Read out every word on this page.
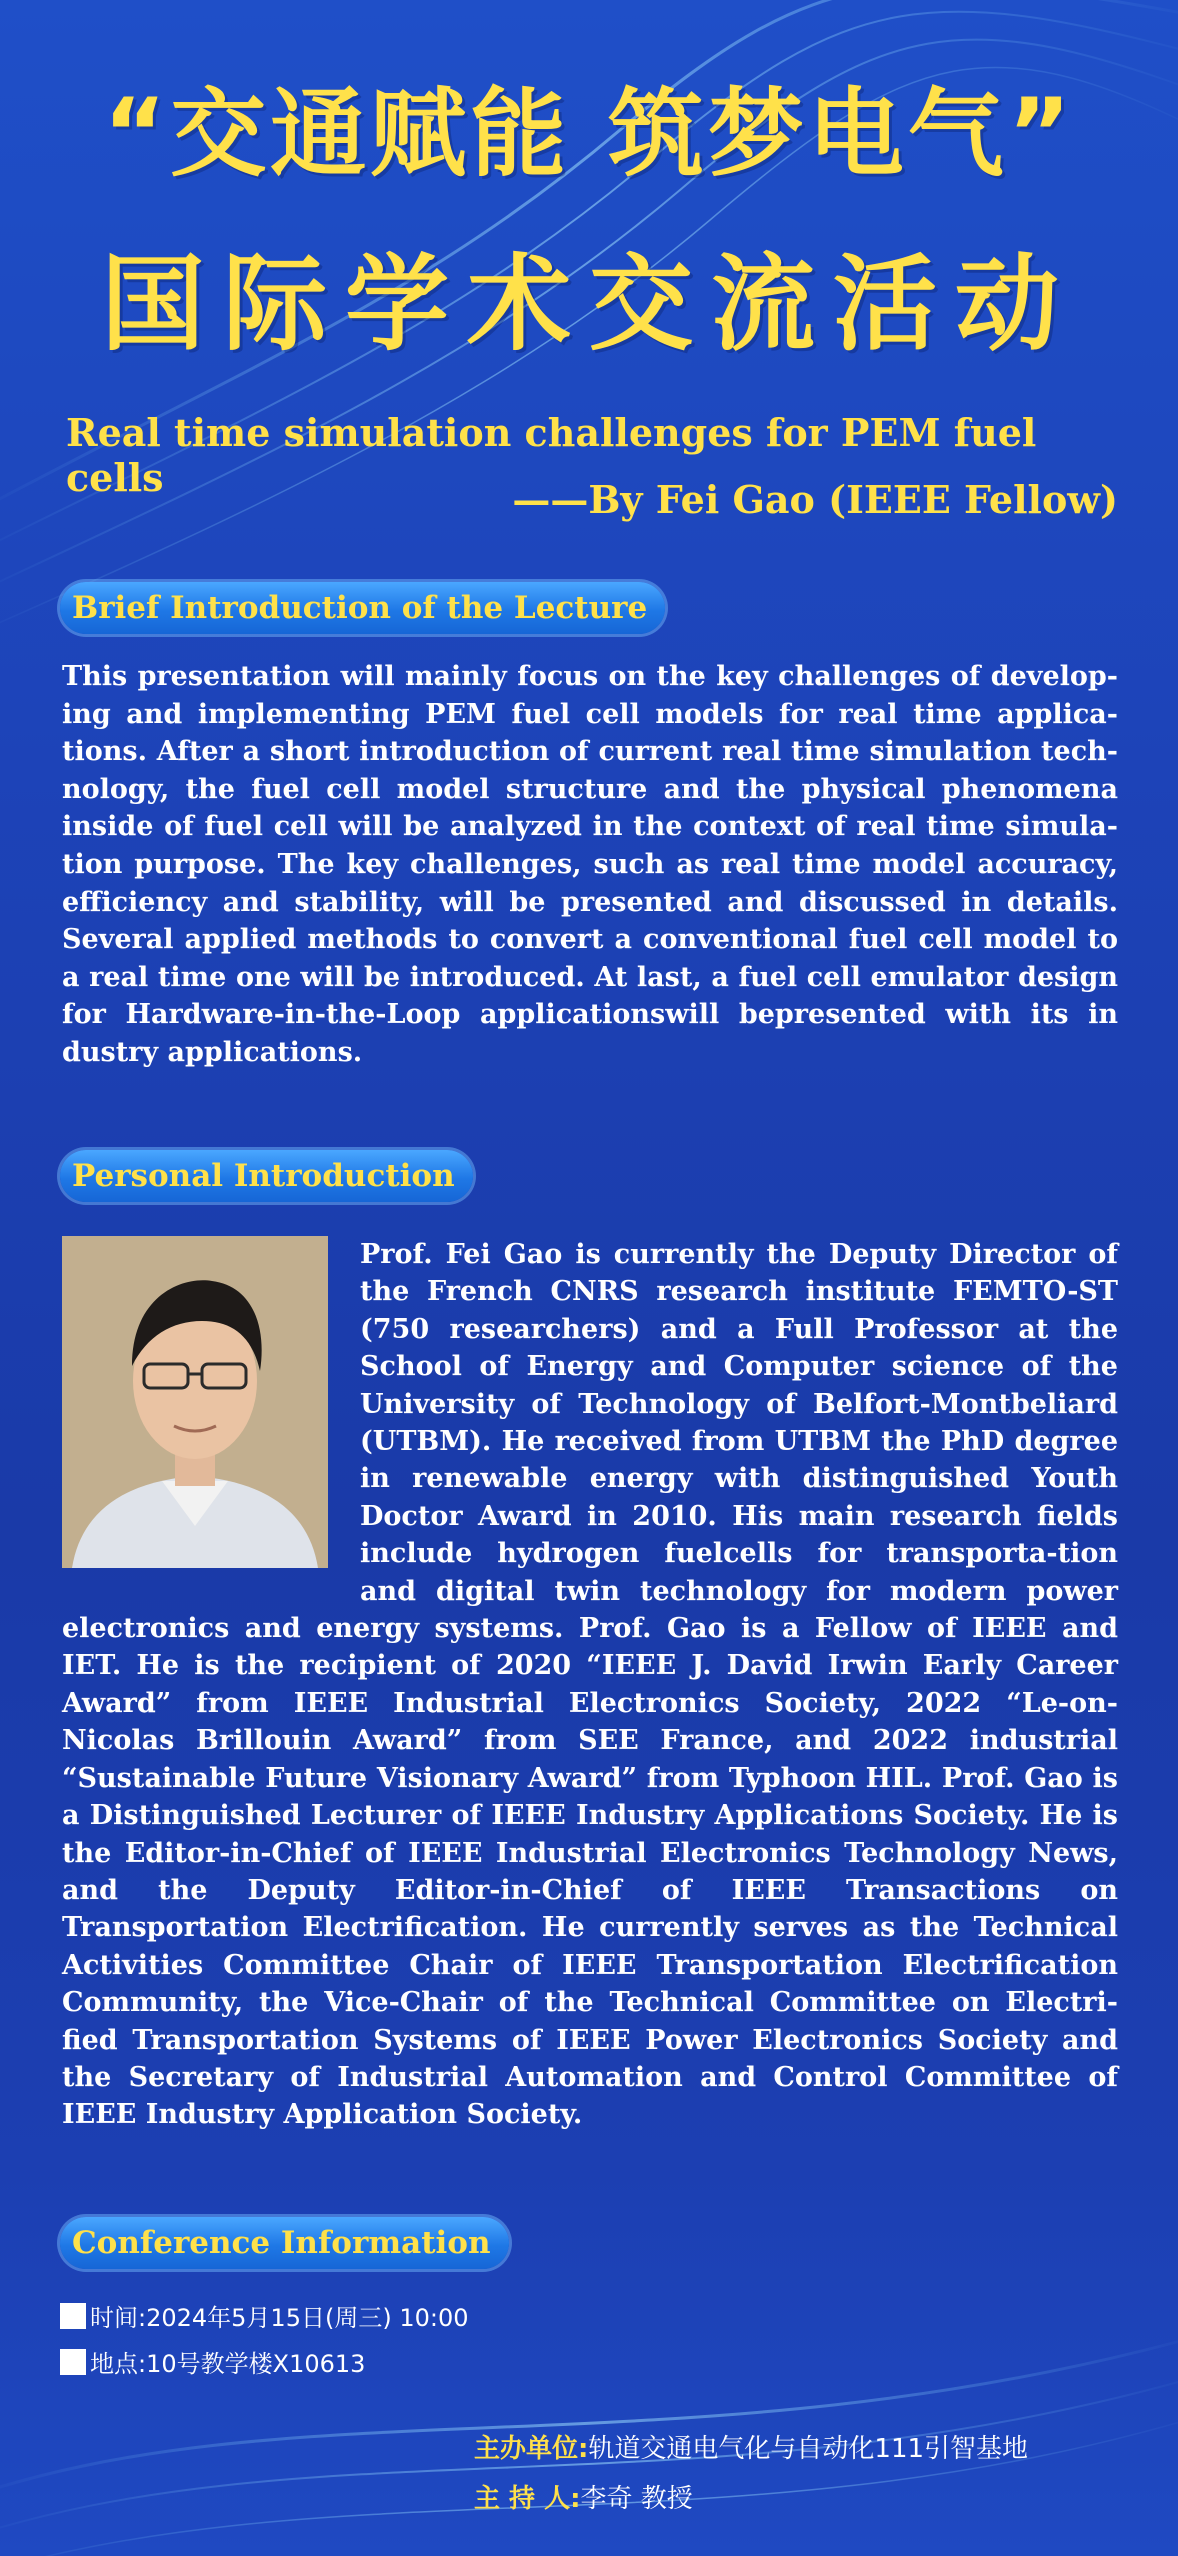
“交通赋能 筑梦电气”
国际学术交流活动
Real time simulation challenges for PEM fuel cells	——By Fei Gao (IEEE Fellow)
Brief Introduction of the Lecture
This presentation will mainly focus on the key challenges of develop-ing and implementing PEM fuel cell models for real time applica-tions. After a short introduction of current real time simulation tech-nology, the fuel cell model structure and the physical phenomena inside of fuel cell will be analyzed in the context of real time simula-tion purpose. The key challenges, such as real time model accuracy, efficiency and stability, will be presented and discussed in details. Several applied methods to convert a conventional fuel cell model to a real time one will be introduced. At last, a fuel cell emulator design for Hardware-in-the-Loop applicationswill bepresented with its in dustry applications.
Personal Introduction
Prof. Fei Gao is currently the Deputy Director of the French CNRS research institute FEMTO-ST (750 researchers) and a Full Professor at the School of Energy and Computer science of the University of Technology of Belfort-Montbeliard (UTBM). He received from UTBM the PhD degree in renewable energy with distinguished Youth Doctor Award in 2010. His main research fields include hydrogen fuelcells for transporta-tion and digital twin technology for modern power electronics and energy systems. Prof. Gao is a Fellow of IEEE and IET. He is the recipient of 2020 “IEEE J. David Irwin Early Career Award” from IEEE Industrial Electronics Society, 2022 “Le-on-Nicolas Brillouin Award” from SEE France, and 2022 industrial “Sustainable Future Visionary Award” from Typhoon HIL. Prof. Gao is a Distinguished Lecturer of IEEE Industry Applications Society. He is the Editor-in-Chief of IEEE Industrial Electronics Technology News, and the Deputy Editor-in-Chief of IEEE Transactions on Transportation Electrification. He currently serves as the Technical Activities Committee Chair of IEEE Transportation Electrification Community, the Vice-Chair of the Technical Committee on Electri-fied Transportation Systems of IEEE Power Electronics Society and the Secretary of Industrial Automation and Control Committee of IEEE Industry Application Society.
Conference Information
时间:2024年5月15日(周三) 10:00
地点:10号教学楼X10613
主办单位:轨道交通电气化与自动化111引智基地
主 持 人:李奇 教授
